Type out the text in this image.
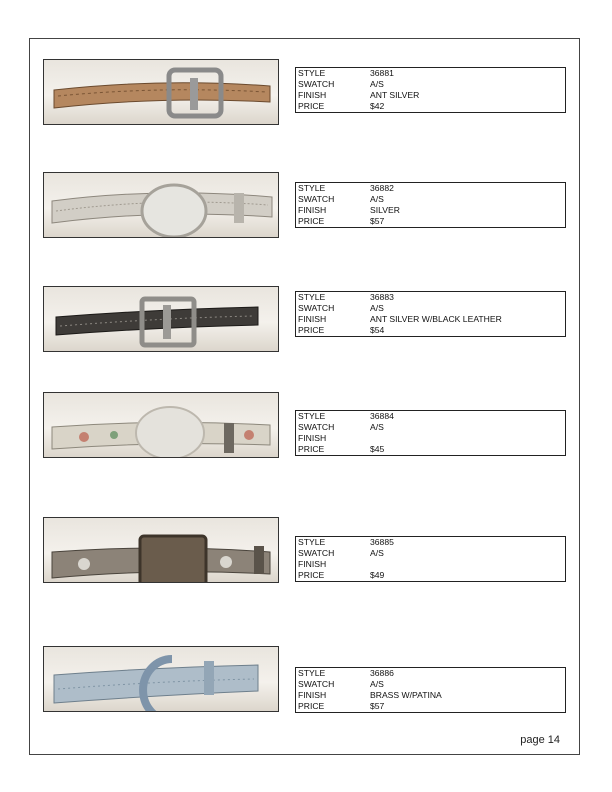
STYLE	36881
SWATCH	A/S
FINISH	ANT SILVER
PRICE	$42
STYLE	36882
SWATCH	A/S
FINISH	SILVER
PRICE	$57
STYLE	36883
SWATCH	A/S
FINISH	ANT SILVER W/BLACK LEATHER
PRICE	$54
STYLE	36884
SWATCH	A/S
FINISH	
PRICE	$45
STYLE	36885
SWATCH	A/S
FINISH	
PRICE	$49
STYLE	36886
SWATCH	A/S
FINISH	BRASS W/PATINA
PRICE	$57
page 14
